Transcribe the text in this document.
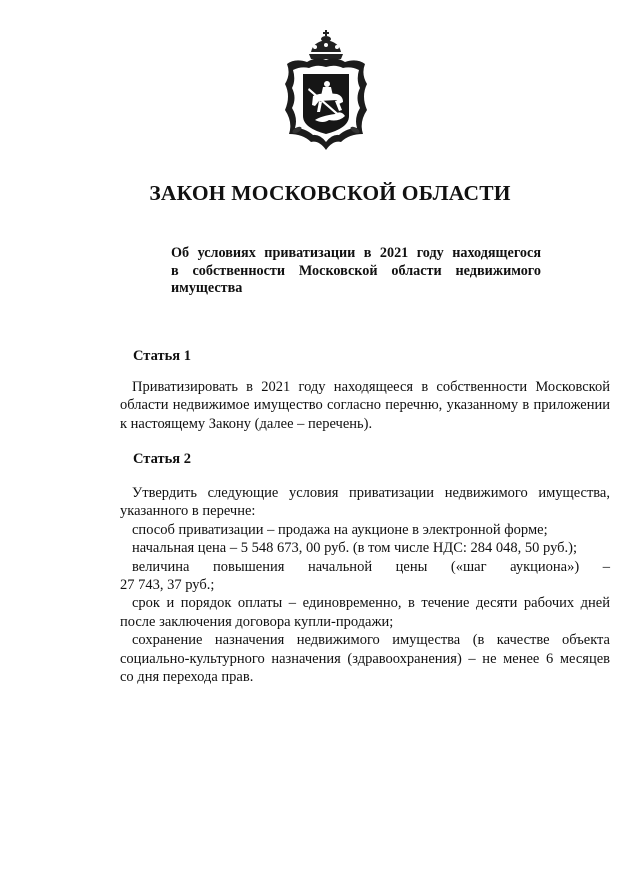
ЗАКОН МОСКОВСКОЙ ОБЛАСТИ
Об условиях приватизации в 2021 году находящегося
в собственности Московской области недвижимого
имущества
Статья 1
Приватизировать в 2021 году находящееся в собственности Московской
области недвижимое имущество согласно перечню, указанному в приложении
к настоящему Закону (далее – перечень).
Статья 2
Утвердить следующие условия приватизации недвижимого имущества,
указанного в перечне:
способ приватизации – продажа на аукционе в электронной форме;
начальная цена – 5 548 673, 00 руб. (в том числе НДС: 284 048, 50 руб.);
величина повышения начальной цены («шаг аукциона») –
27 743, 37 руб.;
срок и порядок оплаты – единовременно, в течение десяти рабочих дней
после заключения договора купли-продажи;
сохранение назначения недвижимого имущества (в качестве объекта
социально-культурного назначения (здравоохранения) – не менее 6 месяцев
со дня перехода прав.
